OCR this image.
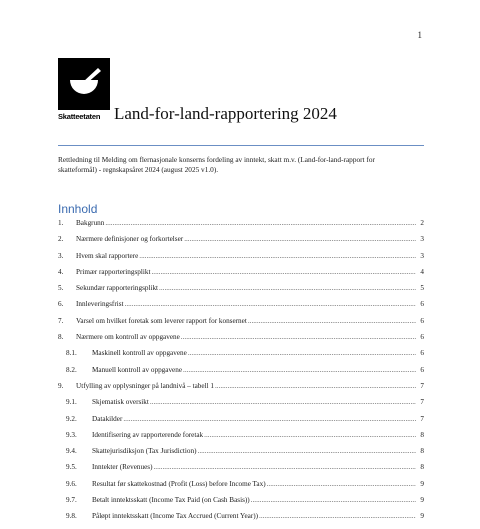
1
Skatteetaten Land-for-land-rapportering 2024
Rettledning til Melding om flernasjonale konserns fordeling av inntekt, skatt m.v. (Land-for-land-rapport for skatteformål) - regnskapsåret 2024 (august 2025 v1.0).
Innhold
1.	Bakgrunn .....	2
2.	Nærmere definisjoner og forkortelser .....	3
3.	Hvem skal rapportere .....	3
4.	Primær rapporteringsplikt .....	4
5.	Sekundær rapporteringsplikt .....	5
6.	Innleveringsfrist .....	6
7.	Varsel om hvilket foretak som leverer rapport for konsernet .....	6
8.	Nærmere om kontroll av oppgavene .....	6
8.1.	Maskinell kontroll av oppgavene .....	6
8.2.	Manuell kontroll av oppgavene .....	6
9.	Utfylling av opplysninger på landnivå – tabell 1 .....	7
9.1.	Skjematisk oversikt .....	7
9.2.	Datakilder .....	7
9.3.	Identifisering av rapporterende foretak .....	8
9.4.	Skattejurisdiksjon (Tax Jurisdiction) .....	8
9.5.	Inntekter (Revenues) .....	8
9.6.	Resultat før skattekostnad (Profit (Loss) before Income Tax) .....	9
9.7.	Betalt inntektsskatt (Income Tax Paid (on Cash Basis)) .....	9
9.8.	Påløpt inntektsskatt (Income Tax Accrued (Current Year)) .....	9
